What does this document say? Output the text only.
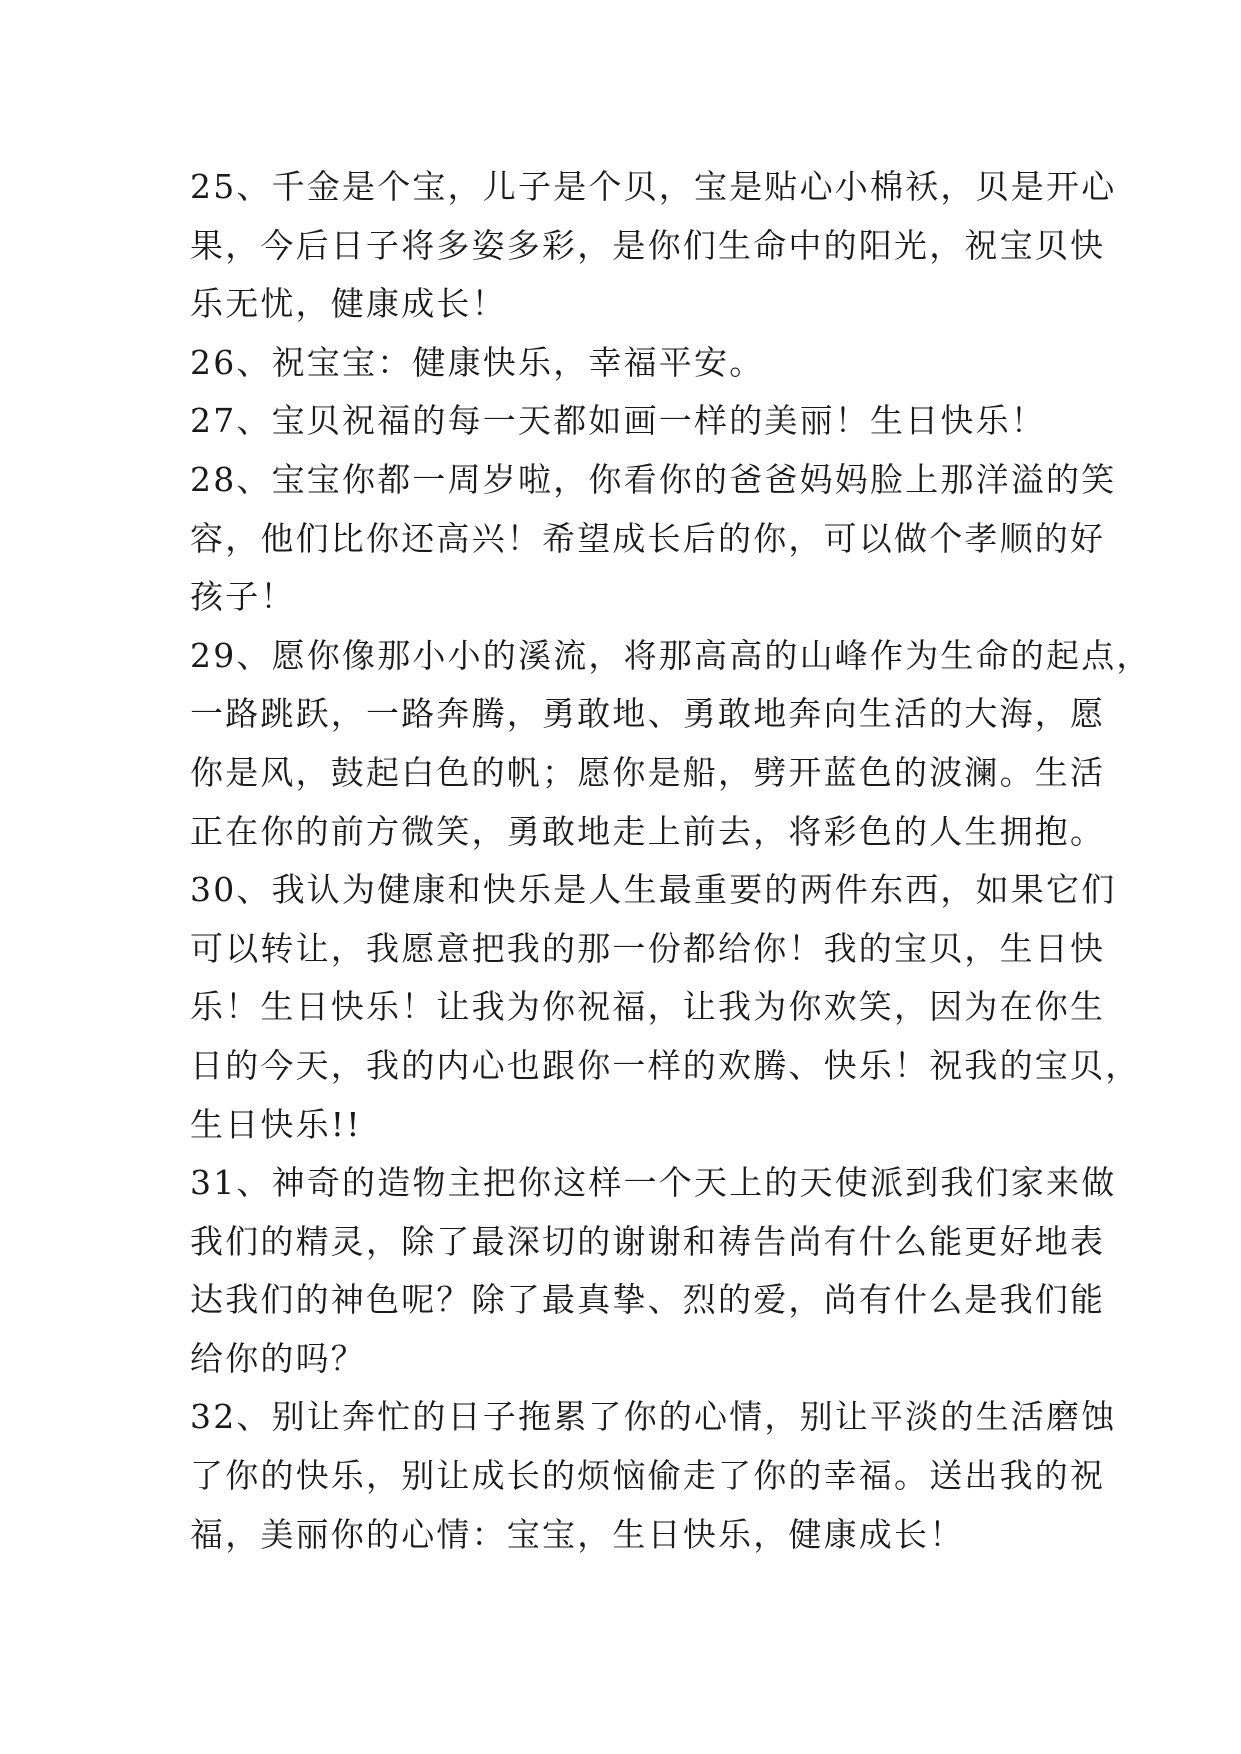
25、千金是个宝，儿子是个贝，宝是贴心小棉袄，贝是开心
果，今后日子将多姿多彩，是你们生命中的阳光，祝宝贝快
乐无忧，健康成长！
26、祝宝宝：健康快乐，幸福平安。
27、宝贝祝福的每一天都如画一样的美丽！生日快乐！
28、宝宝你都一周岁啦，你看你的爸爸妈妈脸上那洋溢的笑
容，他们比你还高兴！希望成长后的你，可以做个孝顺的好
孩子！
29、愿你像那小小的溪流，将那高高的山峰作为生命的起点，
一路跳跃，一路奔腾，勇敢地、勇敢地奔向生活的大海，愿
你是风，鼓起白色的帆；愿你是船，劈开蓝色的波澜。生活
正在你的前方微笑，勇敢地走上前去，将彩色的人生拥抱。
30、我认为健康和快乐是人生最重要的两件东西，如果它们
可以转让，我愿意把我的那一份都给你！我的宝贝，生日快
乐！生日快乐！让我为你祝福，让我为你欢笑，因为在你生
日的今天，我的内心也跟你一样的欢腾、快乐！祝我的宝贝，
生日快乐!!
31、神奇的造物主把你这样一个天上的天使派到我们家来做
我们的精灵，除了最深切的谢谢和祷告尚有什么能更好地表
达我们的神色呢？除了最真挚、烈的爱，尚有什么是我们能
给你的吗？
32、别让奔忙的日子拖累了你的心情，别让平淡的生活磨蚀
了你的快乐，别让成长的烦恼偷走了你的幸福。送出我的祝
福，美丽你的心情：宝宝，生日快乐，健康成长！
